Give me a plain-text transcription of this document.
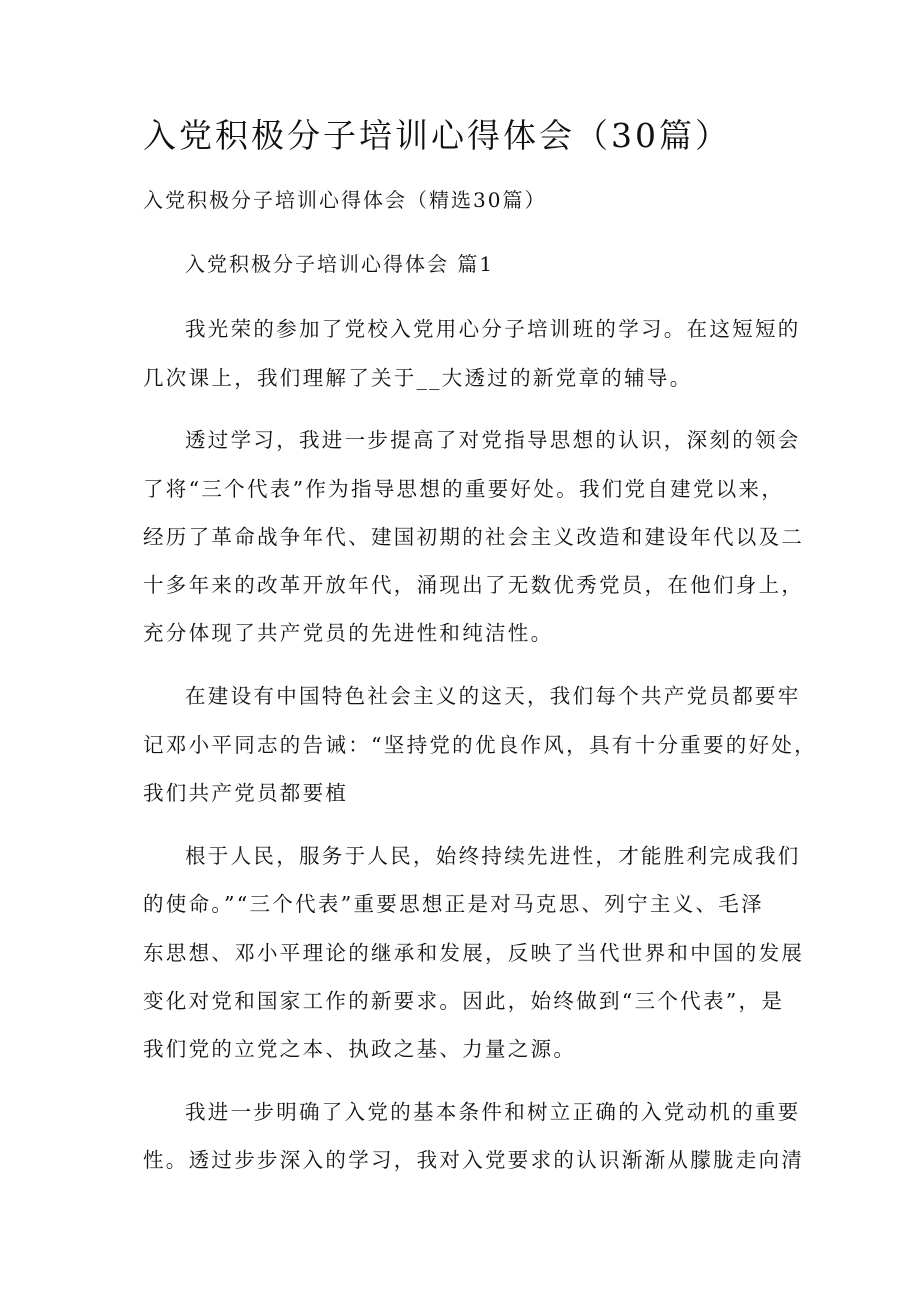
入党积极分子培训心得体会（30篇）
入党积极分子培训心得体会（精选30篇）
入党积极分子培训心得体会 篇1
我光荣的参加了党校入党用心分子培训班的学习。在这短短的
几次课上，我们理解了关于__大透过的新党章的辅导。
透过学习，我进一步提高了对党指导思想的认识，深刻的领会
了将“三个代表”作为指导思想的重要好处。我们党自建党以来，
经历了革命战争年代、建国初期的社会主义改造和建设年代以及二
十多年来的改革开放年代，涌现出了无数优秀党员，在他们身上，
充分体现了共产党员的先进性和纯洁性。
在建设有中国特色社会主义的这天，我们每个共产党员都要牢
记邓小平同志的告诫：“坚持党的优良作风，具有十分重要的好处，
我们共产党员都要植
根于人民，服务于人民，始终持续先进性，才能胜利完成我们
的使命。”“三个代表”重要思想正是对马克思、列宁主义、毛泽
东思想、邓小平理论的继承和发展，反映了当代世界和中国的发展
变化对党和国家工作的新要求。因此，始终做到“三个代表”，是
我们党的立党之本、执政之基、力量之源。
我进一步明确了入党的基本条件和树立正确的入党动机的重要
性。透过步步深入的学习，我对入党要求的认识渐渐从朦胧走向清
